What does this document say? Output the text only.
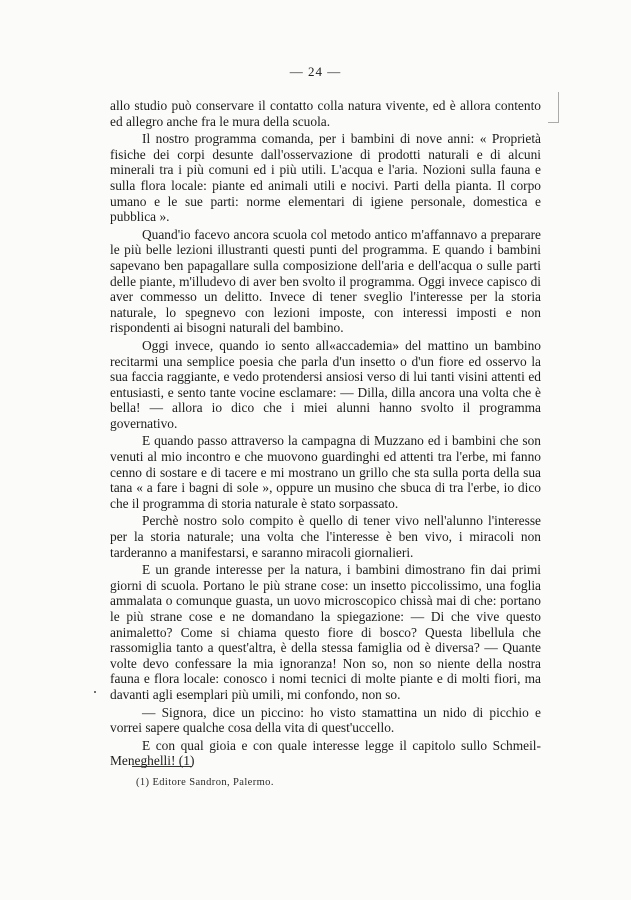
— 24 —

allo studio può conservare il contatto colla natura vivente, ed è allora contento ed allegro anche fra le mura della scuola.

Il nostro programma comanda, per i bambini di nove anni: « Proprietà fisiche dei corpi desunte dall'osservazione di prodotti naturali e di alcuni minerali tra i più comuni ed i più utili. L'acqua e l'aria. Nozioni sulla fauna e sulla flora locale: piante ed animali utili e nocivi. Parti della pianta. Il corpo umano e le sue parti: norme elementari di igiene personale, domestica e pubblica ».

Quand'io facevo ancora scuola col metodo antico m'affannavo a preparare le più belle lezioni illustranti questi punti del programma. E quando i bambini sapevano ben papagallare sulla composizione dell'aria e dell'acqua o sulle parti delle piante, m'illudevo di aver ben svolto il programma. Oggi invece capisco di aver commesso un delitto. Invece di tener sveglio l'interesse per la storia naturale, lo spegnevo con lezioni imposte, con interessi imposti e non rispondenti ai bisogni naturali del bambino.

Oggi invece, quando io sento all«accademia» del mattino un bambino recitarmi una semplice poesia che parla d'un insetto o d'un fiore ed osservo la sua faccia raggiante, e vedo protendersi ansiosi verso di lui tanti visini attenti ed entusiasti, e sento tante vocine esclamare: — Dilla, dilla ancora una volta che è bella! — allora io dico che i miei alunni hanno svolto il programma governativo.

E quando passo attraverso la campagna di Muzzano ed i bambini che son venuti al mio incontro e che muovono guardinghi ed attenti tra l'erbe, mi fanno cenno di sostare e di tacere e mi mostrano un grillo che sta sulla porta della sua tana « a fare i bagni di sole », oppure un musino che sbuca di tra l'erbe, io dico che il programma di storia naturale è stato sorpassato.

Perchè nostro solo compito è quello di tener vivo nell'alunno l'interesse per la storia naturale; una volta che l'interesse è ben vivo, i miracoli non tarderanno a manifestarsi, e saranno miracoli giornalieri.

E un grande interesse per la natura, i bambini dimostrano fin dai primi giorni di scuola. Portano le più strane cose: un insetto piccolissimo, una foglia ammalata o comunque guasta, un uovo microscopico chissà mai di che: portano le più strane cose e ne domandano la spiegazione: — Di che vive questo animaletto? Come si chiama questo fiore di bosco? Questa libellula che rassomiglia tanto a quest'altra, è della stessa famiglia od è diversa? — Quante volte devo confessare la mia ignoranza! Non so, non so niente della nostra fauna e flora locale: conosco i nomi tecnici di molte piante e di molti fiori, ma davanti agli esemplari più umili, mi confondo, non so.

— Signora, dice un piccino: ho visto stamattina un nido di picchio e vorrei sapere qualche cosa della vita di quest'uccello.

E con qual gioia e con quale interesse legge il capitolo sullo Schmeil-Meneghelli! (1)

(1) Editore Sandron, Palermo.
